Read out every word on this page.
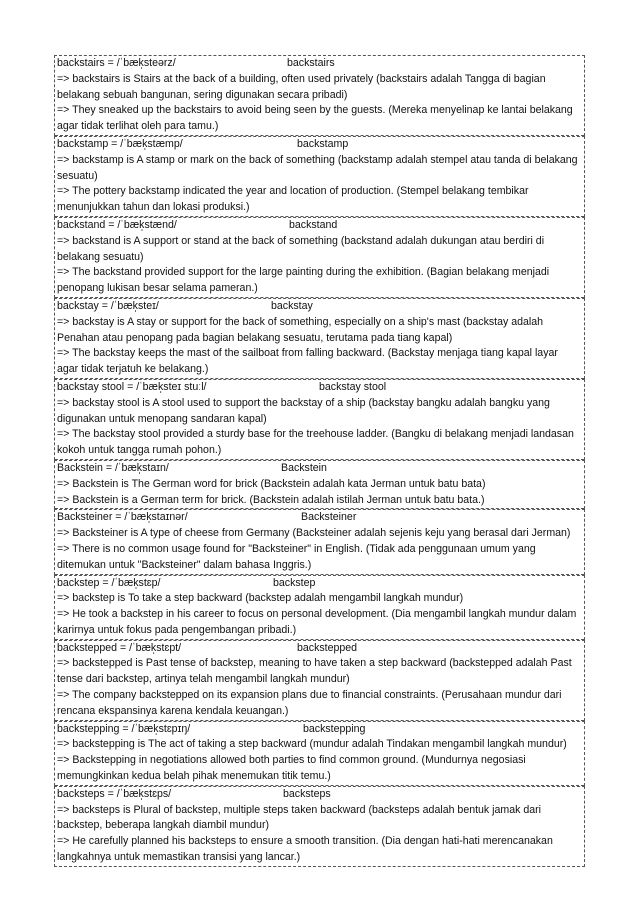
backstairs = /ˈbæk̩steərz/	backstairs
=> backstairs is Stairs at the back of a building, often used privately (backstairs adalah Tangga di bagian belakang sebuah bangunan, sering digunakan secara pribadi)
=> They sneaked up the backstairs to avoid being seen by the guests. (Mereka menyelinap ke lantai belakang agar tidak terlihat oleh para tamu.)
backstamp = /ˈbæk̩stæmp/	backstamp
=> backstamp is A stamp or mark on the back of something (backstamp adalah stempel atau tanda di belakang sesuatu)
=> The pottery backstamp indicated the year and location of production. (Stempel belakang tembikar menunjukkan tahun dan lokasi produksi.)
backstand = /ˈbæk̩stænd/	backstand
=> backstand is A support or stand at the back of something (backstand adalah dukungan atau berdiri di belakang sesuatu)
=> The backstand provided support for the large painting during the exhibition. (Bagian belakang menjadi penopang lukisan besar selama pameran.)
backstay = /ˈbæk̩steɪ/	backstay
=> backstay is A stay or support for the back of something, especially on a ship's mast (backstay adalah Penahan atau penopang pada bagian belakang sesuatu, terutama pada tiang kapal)
=> The backstay keeps the mast of the sailboat from falling backward. (Backstay menjaga tiang kapal layar agar tidak terjatuh ke belakang.)
backstay stool = /ˈbæk̩steɪ stuːl/	backstay stool
=> backstay stool is A stool used to support the backstay of a ship (backstay bangku adalah bangku yang digunakan untuk menopang sandaran kapal)
=> The backstay stool provided a sturdy base for the treehouse ladder. (Bangku di belakang menjadi landasan kokoh untuk tangga rumah pohon.)
Backstein = /ˈbæk̩staɪn/	Backstein
=> Backstein is The German word for brick (Backstein adalah kata Jerman untuk batu bata)
=> Backstein is a German term for brick. (Backstein adalah istilah Jerman untuk batu bata.)
Backsteiner = /ˈbæk̩staɪnər/	Backsteiner
=> Backsteiner is A type of cheese from Germany (Backsteiner adalah sejenis keju yang berasal dari Jerman)
=> There is no common usage found for "Backsteiner" in English. (Tidak ada penggunaan umum yang ditemukan untuk "Backsteiner" dalam bahasa Inggris.)
backstep = /ˈbæk̩stɛp/	backstep
=> backstep is To take a step backward (backstep adalah mengambil langkah mundur)
=> He took a backstep in his career to focus on personal development. (Dia mengambil langkah mundur dalam karirnya untuk fokus pada pengembangan pribadi.)
backstepped = /ˈbæk̩stɛpt/	backstepped
=> backstepped is Past tense of backstep, meaning to have taken a step backward (backstepped adalah Past tense dari backstep, artinya telah mengambil langkah mundur)
=> The company backstepped on its expansion plans due to financial constraints. (Perusahaan mundur dari rencana ekspansinya karena kendala keuangan.)
backstepping = /ˈbæk̩stɛpɪŋ/	backstepping
=> backstepping is The act of taking a step backward (mundur adalah Tindakan mengambil langkah mundur)
=> Backstepping in negotiations allowed both parties to find common ground. (Mundurnya negosiasi memungkinkan kedua belah pihak menemukan titik temu.)
backsteps = /ˈbæk̩stɛps/	backsteps
=> backsteps is Plural of backstep, multiple steps taken backward (backsteps adalah bentuk jamak dari backstep, beberapa langkah diambil mundur)
=> He carefully planned his backsteps to ensure a smooth transition. (Dia dengan hati-hati merencanakan langkahnya untuk memastikan transisi yang lancar.)
